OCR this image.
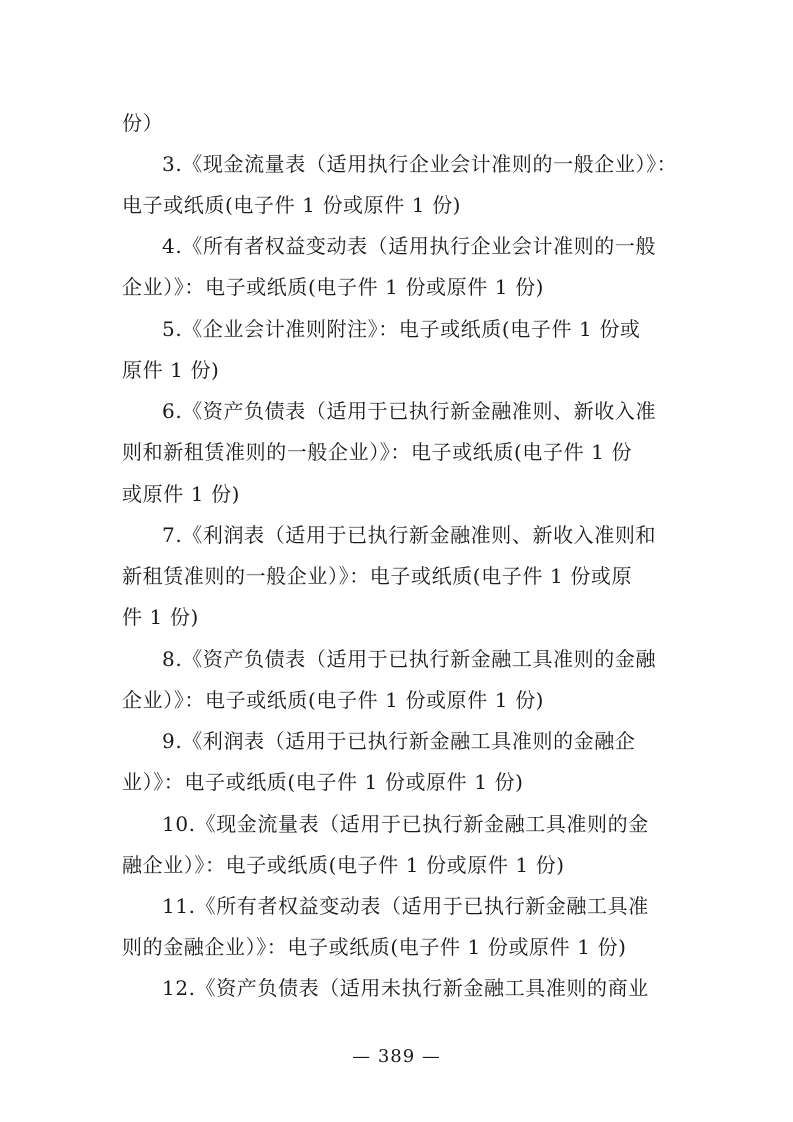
份）
3.《现金流量表（适用执行企业会计准则的一般企业）》：
电子或纸质(电子件 1 份或原件 1 份)
4.《所有者权益变动表（适用执行企业会计准则的一般
企业）》：电子或纸质(电子件 1 份或原件 1 份)
5.《企业会计准则附注》：电子或纸质(电子件 1 份或
原件 1 份)
6.《资产负债表（适用于已执行新金融准则、新收入准
则和新租赁准则的一般企业）》：电子或纸质(电子件 1 份
或原件 1 份)
7.《利润表（适用于已执行新金融准则、新收入准则和
新租赁准则的一般企业）》：电子或纸质(电子件 1 份或原
件 1 份)
8.《资产负债表（适用于已执行新金融工具准则的金融
企业）》：电子或纸质(电子件 1 份或原件 1 份)
9.《利润表（适用于已执行新金融工具准则的金融企
业）》：电子或纸质(电子件 1 份或原件 1 份)
10.《现金流量表（适用于已执行新金融工具准则的金
融企业）》：电子或纸质(电子件 1 份或原件 1 份)
11.《所有者权益变动表（适用于已执行新金融工具准
则的金融企业）》：电子或纸质(电子件 1 份或原件 1 份)
12.《资产负债表（适用未执行新金融工具准则的商业
— 389 —
